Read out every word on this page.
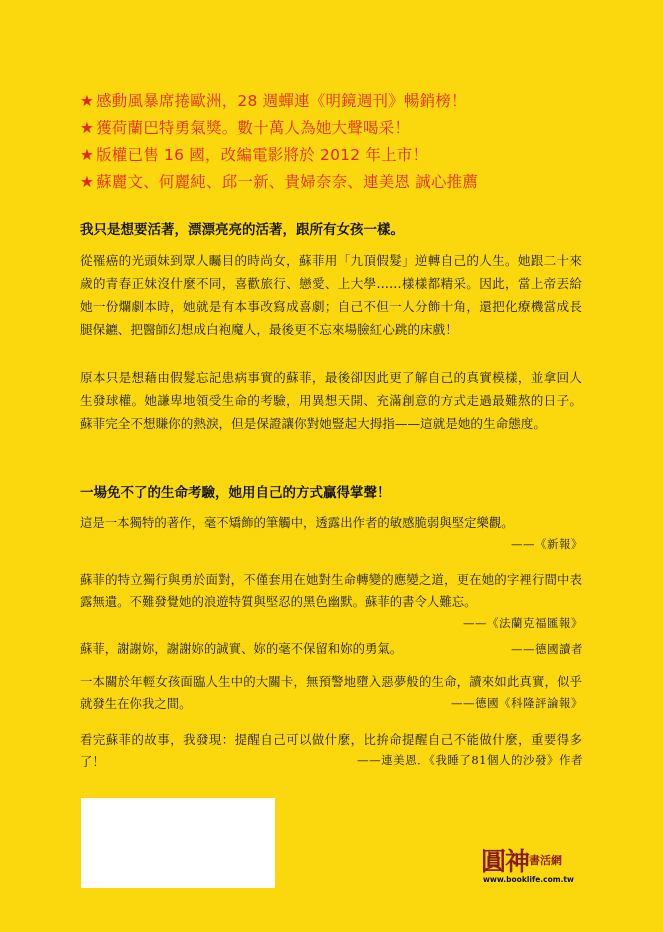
★ 感動風暴席捲歐洲，28 週蟬連《明鏡週刊》暢銷榜！
★ 獲荷蘭巴特勇氣獎。數十萬人為她大聲喝采！
★ 版權已售 16 國，改編電影將於 2012 年上市！
★ 蘇麗文、何麗純、邱一新、貴婦奈奈、連美恩 誠心推薦
我只是想要活著，漂漂亮亮的活著，跟所有女孩一樣。
從罹癌的光頭妹到眾人矚目的時尚女，蘇菲用「九頂假髮」逆轉自己的人生。她跟二十來歲的青春正妹沒什麼不同，喜歡旅行、戀愛、上大學……樣樣都精采。因此，當上帝丟給她一份爛劇本時，她就是有本事改寫成喜劇；自己不但一人分飾十角，還把化療機當成長腿保鑣、把醫師幻想成白袍魔人，最後更不忘來場臉紅心跳的床戲！
原本只是想藉由假髮忘記患病事實的蘇菲，最後卻因此更了解自己的真實模樣，並拿回人生發球權。她謙卑地領受生命的考驗，用異想天開、充滿創意的方式走過最難熬的日子。蘇菲完全不想賺你的熱淚，但是保證讓你對她豎起大拇指——這就是她的生命態度。
一場免不了的生命考驗，她用自己的方式贏得掌聲！
這是一本獨特的著作，毫不矯飾的筆觸中，透露出作者的敏感脆弱與堅定樂觀。
——《新報》
蘇菲的特立獨行與勇於面對，不僅套用在她對生命轉變的應變之道，更在她的字裡行間中表露無遺。不難發覺她的浪遊特質與堅忍的黑色幽默。蘇菲的書令人難忘。
——《法蘭克福匯報》
蘇菲，謝謝妳，謝謝妳的誠實、妳的毫不保留和妳的勇氣。	——德國讀者
一本關於年輕女孩面臨人生中的大關卡，無預警地墮入惡夢般的生命，讀來如此真實，似乎就發生在你我之間。	——德國《科隆評論報》
看完蘇菲的故事，我發現：提醒自己可以做什麼，比拚命提醒自己不能做什麼，重要得多了！	——連美恩．《我睡了81個人的沙發》作者
圓神 書活網
www.booklife.com.tw
